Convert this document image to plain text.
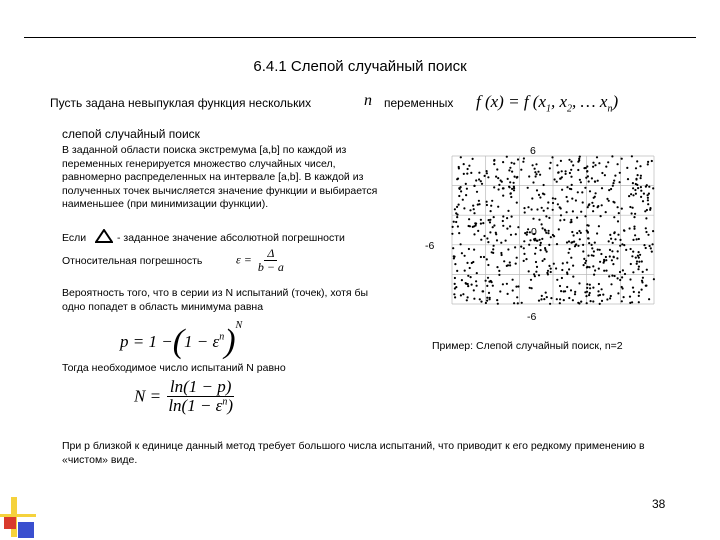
6.4.1 Слепой случайный поиск
Пусть задана невыпуклая функция нескольких	n переменных f (x) = f ($x_1$, $x_2$, … $x_n$)
слепой случайный поиск
В заданной области поиска экстремума [a,b] по каждой из переменных генерируется множество случайных чисел, равномерно распределенных на интервале [a,b]. В каждой из полученных точек вычисляется значение функции и выбирается наименьшее (при минимизации функции).
Если	- заданное значение абсолютной погрешности
Относительная погрешность	$\varepsilon = \frac{\Delta}{b - a}$
Вероятность того, что в серии из N испытаний (точек), хотя бы одно попадет в область минимума равна
$p = 1 -(1 - \varepsilon^n)^N$
Тогда необходимое число испытаний N равно
$N = \frac{\ln(1 - p)}{\ln(1 - \varepsilon^n)}$
При p близкой к единице данный метод требует большого числа испытаний, что приводит к его редкому применению в «чистом» виде.
6
-6
-6
0
Пример: Слепой случайный поиск, n=2
38
